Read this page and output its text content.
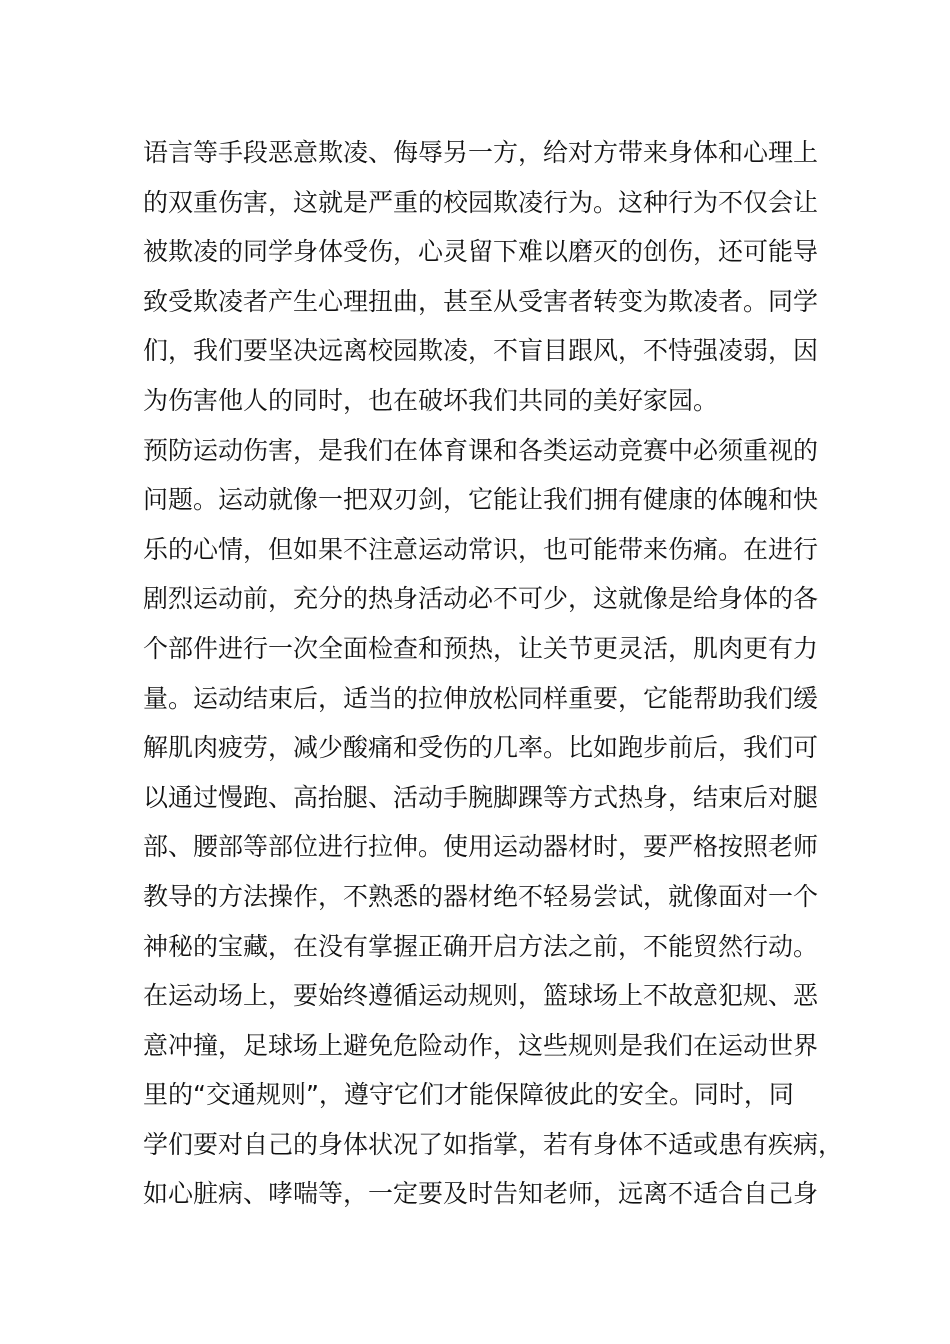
语言等手段恶意欺凌、侮辱另一方，给对方带来身体和心理上
的双重伤害，这就是严重的校园欺凌行为。这种行为不仅会让
被欺凌的同学身体受伤，心灵留下难以磨灭的创伤，还可能导
致受欺凌者产生心理扭曲，甚至从受害者转变为欺凌者。同学
们，我们要坚决远离校园欺凌，不盲目跟风，不恃强凌弱，因
为伤害他人的同时，也在破坏我们共同的美好家园。
预防运动伤害，是我们在体育课和各类运动竞赛中必须重视的
问题。运动就像一把双刃剑，它能让我们拥有健康的体魄和快
乐的心情，但如果不注意运动常识，也可能带来伤痛。在进行
剧烈运动前，充分的热身活动必不可少，这就像是给身体的各
个部件进行一次全面检查和预热，让关节更灵活，肌肉更有力
量。运动结束后，适当的拉伸放松同样重要，它能帮助我们缓
解肌肉疲劳，减少酸痛和受伤的几率。比如跑步前后，我们可
以通过慢跑、高抬腿、活动手腕脚踝等方式热身，结束后对腿
部、腰部等部位进行拉伸。使用运动器材时，要严格按照老师
教导的方法操作，不熟悉的器材绝不轻易尝试，就像面对一个
神秘的宝藏，在没有掌握正确开启方法之前，不能贸然行动。
在运动场上，要始终遵循运动规则，篮球场上不故意犯规、恶
意冲撞，足球场上避免危险动作，这些规则是我们在运动世界
里的“交通规则”，遵守它们才能保障彼此的安全。同时，同
学们要对自己的身体状况了如指掌，若有身体不适或患有疾病，
如心脏病、哮喘等，一定要及时告知老师，远离不适合自己身
